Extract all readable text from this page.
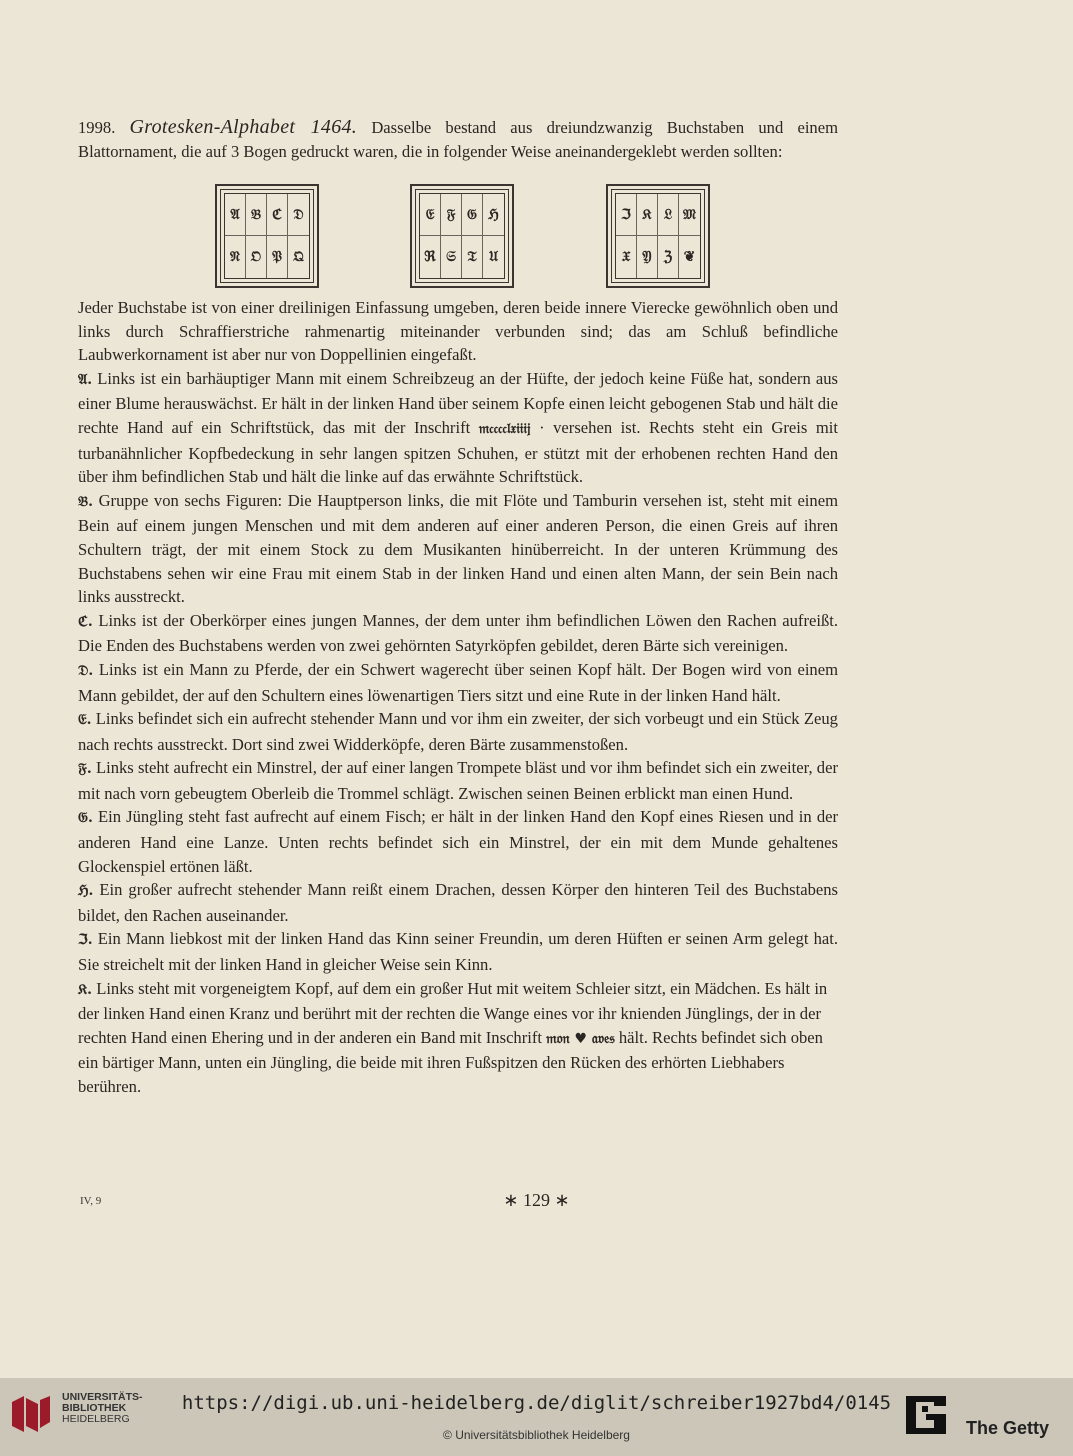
1998. Grotesken-Alphabet 1464. Dasselbe bestand aus dreiundzwanzig Buchstaben und einem Blattornament, die auf 3 Bogen gedruckt waren, die in folgender Weise aneinandergeklebt werden sollten:

𝔄 𝔅 ℭ 𝔇
𝔑 𝔒 𝔓 𝔔
𝔈 𝔉 𝔊 ℌ
ℜ 𝔖 𝔗 𝔘
ℑ 𝔎 𝔏 𝔐
𝔛 𝔜 ℨ ❦

Jeder Buchstabe ist von einer dreilinigen Einfassung umgeben, deren beide innere Vierecke gewöhnlich oben und links durch Schraffierstriche rahmenartig miteinander verbunden sind; das am Schluß befindliche Laubwerkornament ist aber nur von Doppellinien eingefaßt.

𝔄. Links ist ein barhäuptiger Mann mit einem Schreibzeug an der Hüfte, der jedoch keine Füße hat, sondern aus einer Blume herauswächst. Er hält in der linken Hand über seinem Kopfe einen leicht gebogenen Stab und hält die rechte Hand auf ein Schriftstück, das mit der Inschrift 𝔪𝔠𝔠𝔠𝔠𝔩𝔵𝔦𝔦𝔦𝔧 · versehen ist. Rechts steht ein Greis mit turbanähnlicher Kopfbedeckung in sehr langen spitzen Schuhen, er stützt mit der erhobenen rechten Hand den über ihm befindlichen Stab und hält die linke auf das erwähnte Schriftstück.

𝔅. Gruppe von sechs Figuren: Die Hauptperson links, die mit Flöte und Tamburin versehen ist, steht mit einem Bein auf einem jungen Menschen und mit dem anderen auf einer anderen Person, die einen Greis auf ihren Schultern trägt, der mit einem Stock zu dem Musikanten hinüberreicht. In der unteren Krümmung des Buchstabens sehen wir eine Frau mit einem Stab in der linken Hand und einen alten Mann, der sein Bein nach links ausstreckt.

ℭ. Links ist der Oberkörper eines jungen Mannes, der dem unter ihm befindlichen Löwen den Rachen aufreißt. Die Enden des Buchstabens werden von zwei gehörnten Satyrköpfen gebildet, deren Bärte sich vereinigen.

𝔇. Links ist ein Mann zu Pferde, der ein Schwert wagerecht über seinen Kopf hält. Der Bogen wird von einem Mann gebildet, der auf den Schultern eines löwenartigen Tiers sitzt und eine Rute in der linken Hand hält.

𝔈. Links befindet sich ein aufrecht stehender Mann und vor ihm ein zweiter, der sich vorbeugt und ein Stück Zeug nach rechts ausstreckt. Dort sind zwei Widderköpfe, deren Bärte zusammenstoßen.

𝔉. Links steht aufrecht ein Minstrel, der auf einer langen Trompete bläst und vor ihm befindet sich ein zweiter, der mit nach vorn gebeugtem Oberleib die Trommel schlägt. Zwischen seinen Beinen erblickt man einen Hund.

𝔊. Ein Jüngling steht fast aufrecht auf einem Fisch; er hält in der linken Hand den Kopf eines Riesen und in der anderen Hand eine Lanze. Unten rechts befindet sich ein Minstrel, der ein mit dem Munde gehaltenes Glockenspiel ertönen läßt.

ℌ. Ein großer aufrecht stehender Mann reißt einem Drachen, dessen Körper den hinteren Teil des Buchstabens bildet, den Rachen auseinander.

ℑ. Ein Mann liebkost mit der linken Hand das Kinn seiner Freundin, um deren Hüften er seinen Arm gelegt hat. Sie streichelt mit der linken Hand in gleicher Weise sein Kinn.

𝔎. Links steht mit vorgeneigtem Kopf, auf dem ein großer Hut mit weitem Schleier sitzt, ein Mädchen. Es hält in der linken Hand einen Kranz und berührt mit der rechten die Wange eines vor ihr knienden Jünglings, der in der rechten Hand einen Ehering und in der anderen ein Band mit Inschrift 𝔪𝔬𝔫 ♥ 𝔞𝔳𝔢𝔰 hält. Rechts befindet sich oben ein bärtiger Mann, unten ein Jüngling, die beide mit ihren Fußspitzen den Rücken des erhörten Liebhabers berühren.

IV, 9	∗ 129 ∗
UNIVERSITÄTS-
BIBLIOTHEK
HEIDELBERG
https://digi.ub.uni-heidelberg.de/diglit/schreiber1927bd4/0145
© Universitätsbibliothek Heidelberg	The Getty
